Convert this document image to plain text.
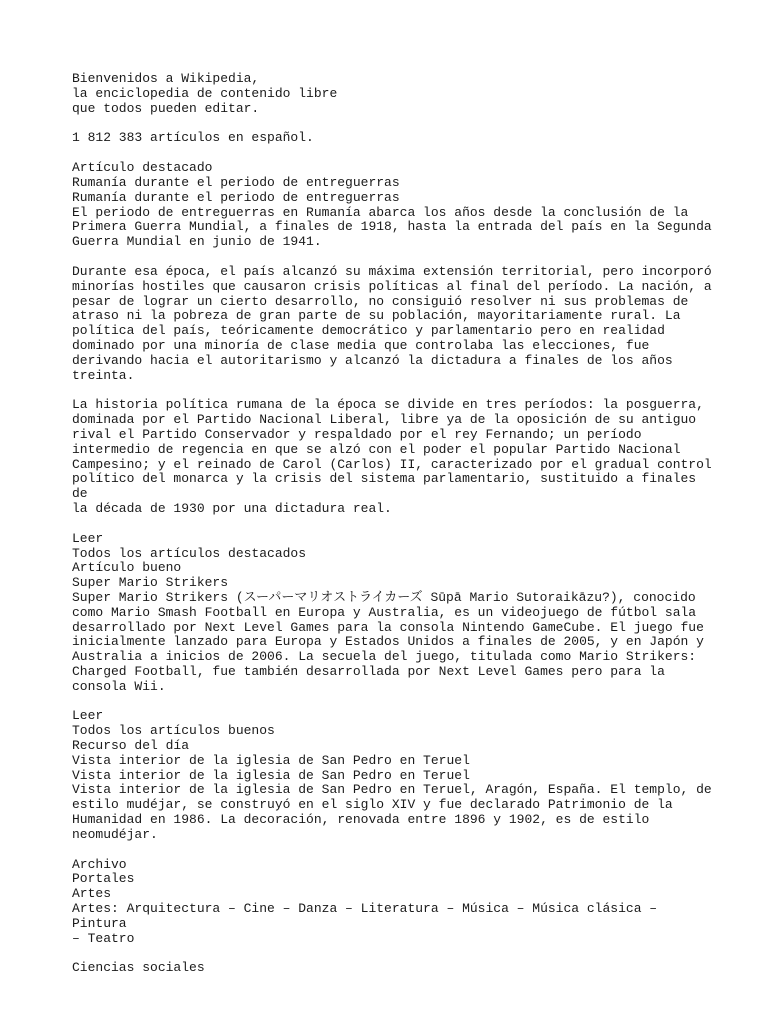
Bienvenidos a Wikipedia,
la enciclopedia de contenido libre
que todos pueden editar.
1 812 383 artículos en español.
Artículo destacado
Rumanía durante el periodo de entreguerras
Rumanía durante el periodo de entreguerras
El periodo de entreguerras en Rumanía abarca los años desde la conclusión de la
Primera Guerra Mundial, a finales de 1918, hasta la entrada del país en la Segunda
Guerra Mundial en junio de 1941.
Durante esa época, el país alcanzó su máxima extensión territorial, pero incorporó
minorías hostiles que causaron crisis políticas al final del período. La nación, a
pesar de lograr un cierto desarrollo, no consiguió resolver ni sus problemas de
atraso ni la pobreza de gran parte de su población, mayoritariamente rural. La
política del país, teóricamente democrático y parlamentario pero en realidad
dominado por una minoría de clase media que controlaba las elecciones, fue
derivando hacia el autoritarismo y alcanzó la dictadura a finales de los años
treinta.
La historia política rumana de la época se divide en tres períodos: la posguerra,
dominada por el Partido Nacional Liberal, libre ya de la oposición de su antiguo
rival el Partido Conservador y respaldado por el rey Fernando; un período
intermedio de regencia en que se alzó con el poder el popular Partido Nacional
Campesino; y el reinado de Carol (Carlos) II, caracterizado por el gradual control
político del monarca y la crisis del sistema parlamentario, sustituido a finales de
la década de 1930 por una dictadura real.
Leer
Todos los artículos destacados
Artículo bueno
Super Mario Strikers
Super Mario Strikers (スーパーマリオストライカーズ Sūpā Mario Sutoraikāzu?), conocido
como Mario Smash Football en Europa y Australia, es un videojuego de fútbol sala
desarrollado por Next Level Games para la consola Nintendo GameCube. El juego fue
inicialmente lanzado para Europa y Estados Unidos a finales de 2005, y en Japón y
Australia a inicios de 2006. La secuela del juego, titulada como Mario Strikers:
Charged Football, fue también desarrollada por Next Level Games pero para la
consola Wii.
Leer
Todos los artículos buenos
Recurso del día
Vista interior de la iglesia de San Pedro en Teruel
Vista interior de la iglesia de San Pedro en Teruel
Vista interior de la iglesia de San Pedro en Teruel, Aragón, España. El templo, de
estilo mudéjar, se construyó en el siglo XIV y fue declarado Patrimonio de la
Humanidad en 1986. La decoración, renovada entre 1896 y 1902, es de estilo
neomudéjar.
Archivo
Portales
Artes
Artes: Arquitectura – Cine – Danza – Literatura – Música – Música clásica – Pintura
– Teatro
Ciencias sociales
